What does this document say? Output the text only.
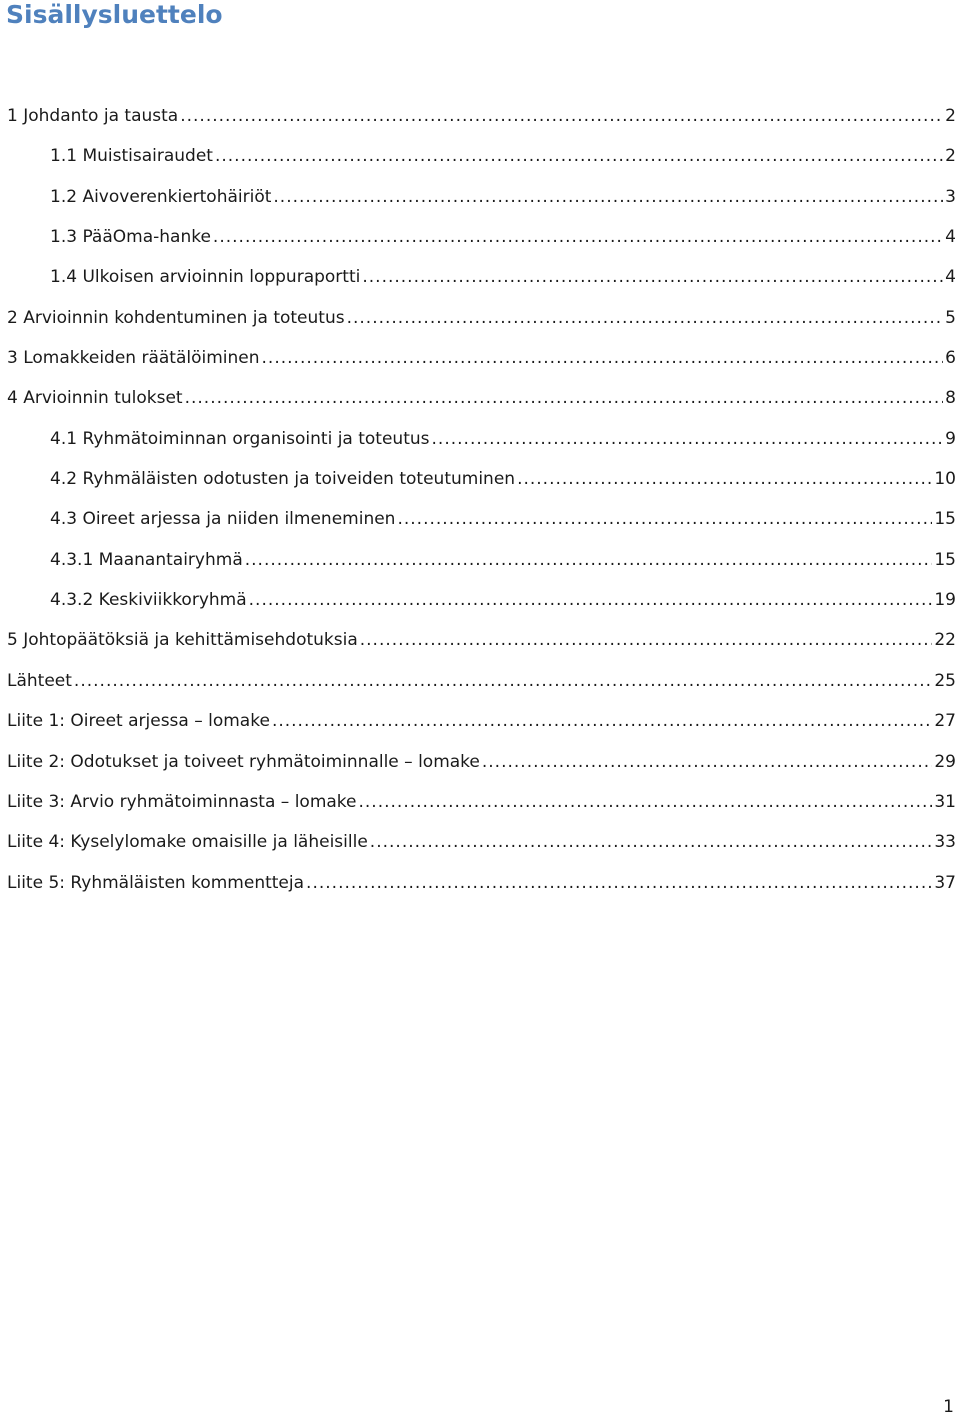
Sisällysluettelo
1 Johdanto ja tausta .....	2
1.1 Muistisairaudet .....	2
1.2 Aivoverenkiertohäiriöt .....	3
1.3 PääOma-hanke .....	4
1.4 Ulkoisen arvioinnin loppuraportti .....	4
2 Arvioinnin kohdentuminen ja toteutus .....	5
3 Lomakkeiden räätälöiminen .....	6
4 Arvioinnin tulokset .....	8
4.1 Ryhmätoiminnan organisointi ja toteutus .....	9
4.2 Ryhmäläisten odotusten ja toiveiden toteutuminen .....	10
4.3 Oireet arjessa ja niiden ilmeneminen .....	15
4.3.1 Maanantairyhmä .....	15
4.3.2 Keskiviikkoryhmä .....	19
5 Johtopäätöksiä ja kehittämisehdotuksia .....	22
Lähteet .....	25
Liite 1: Oireet arjessa – lomake .....	27
Liite 2: Odotukset ja toiveet ryhmätoiminnalle – lomake .....	29
Liite 3: Arvio ryhmätoiminnasta – lomake .....	31
Liite 4: Kyselylomake omaisille ja läheisille .....	33
Liite 5: Ryhmäläisten kommentteja .....	37
1
